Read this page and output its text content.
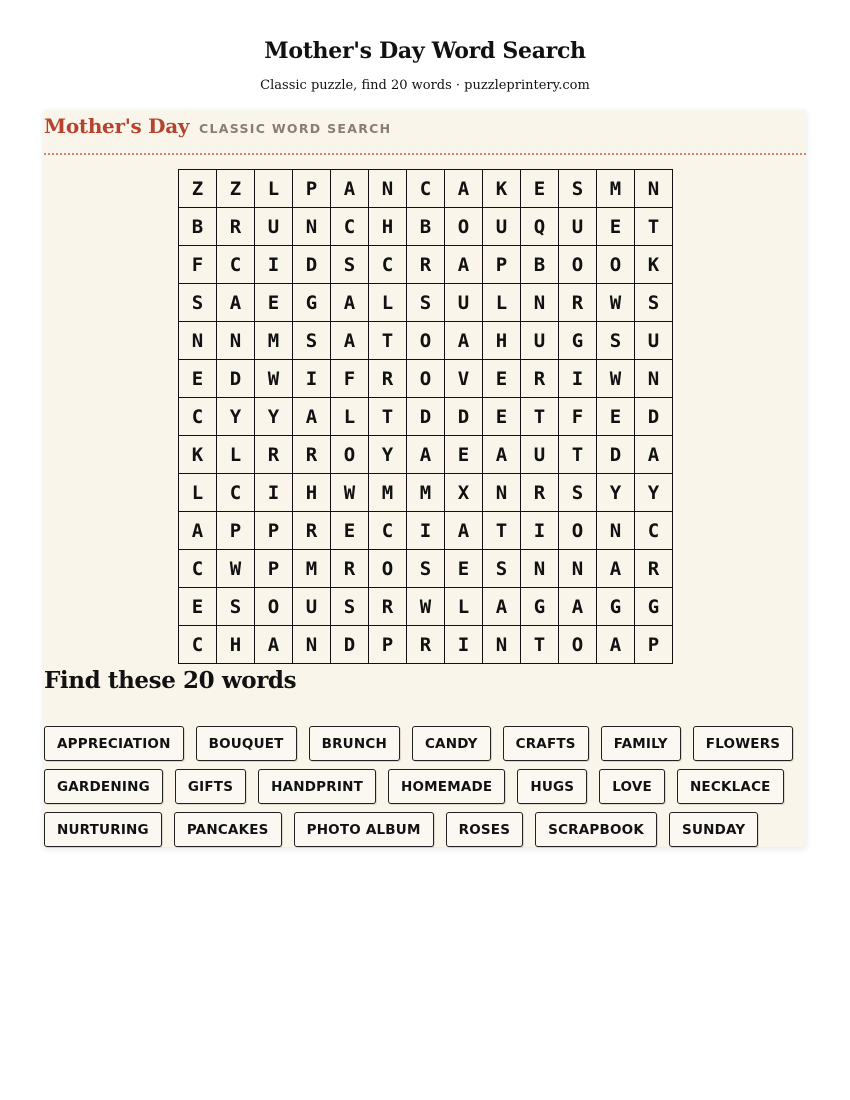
Mother's Day Word Search
Classic puzzle, find 20 words · puzzleprintery.com
Mother's Day CLASSIC WORD SEARCH
Z	Z	L	P	A	N	C	A	K	E	S	M	N
B	R	U	N	C	H	B	O	U	Q	U	E	T
F	C	I	D	S	C	R	A	P	B	O	O	K
S	A	E	G	A	L	S	U	L	N	R	W	S
N	N	M	S	A	T	O	A	H	U	G	S	U
E	D	W	I	F	R	O	V	E	R	I	W	N
C	Y	Y	A	L	T	D	D	E	T	F	E	D
K	L	R	R	O	Y	A	E	A	U	T	D	A
L	C	I	H	W	M	M	X	N	R	S	Y	Y
A	P	P	R	E	C	I	A	T	I	O	N	C
C	W	P	M	R	O	S	E	S	N	N	A	R
E	S	O	U	S	R	W	L	A	G	A	G	G
C	H	A	N	D	P	R	I	N	T	O	A	P
Find these 20 words
APPRECIATION	BOUQUET	BRUNCH	CANDY	CRAFTS	FAMILY	FLOWERS
GARDENING	GIFTS	HANDPRINT	HOMEMADE	HUGS	LOVE	NECKLACE
NURTURING	PANCAKES	PHOTO ALBUM	ROSES	SCRAPBOOK	SUNDAY
